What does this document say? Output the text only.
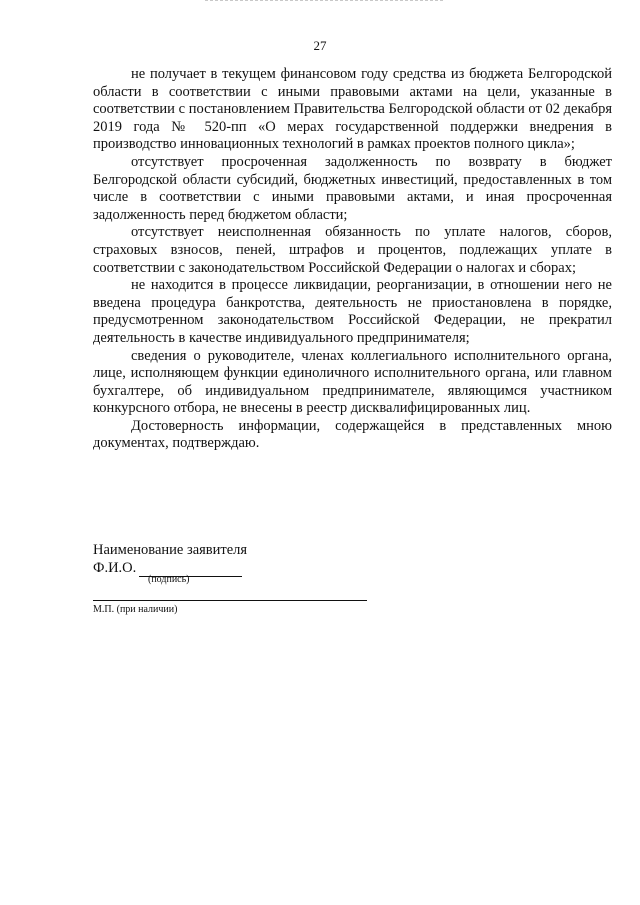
27

не получает в текущем финансовом году средства из бюджета Белгородской области в соответствии с иными правовыми актами на цели, указанные в соответствии с постановлением Правительства Белгородской области от 02 декабря 2019 года № 520-пп «О мерах государственной поддержки внедрения в производство инновационных технологий в рамках проектов полного цикла»;

отсутствует просроченная задолженность по возврату в бюджет Белгородской области субсидий, бюджетных инвестиций, предоставленных в том числе в соответствии с иными правовыми актами, и иная просроченная задолженность перед бюджетом области;

отсутствует неисполненная обязанность по уплате налогов, сборов, страховых взносов, пеней, штрафов и процентов, подлежащих уплате в соответствии с законодательством Российской Федерации о налогах и сборах;

не находится в процессе ликвидации, реорганизации, в отношении него не введена процедура банкротства, деятельность не приостановлена в порядке, предусмотренном законодательством Российской Федерации, не прекратил деятельность в качестве индивидуального предпринимателя;

сведения о руководителе, членах коллегиального исполнительного органа, лице, исполняющем функции единоличного исполнительного органа, или главном бухгалтере, об индивидуальном предпринимателе, являющимся участником конкурсного отбора, не внесены в реестр дисквалифицированных лиц.

Достоверность информации, содержащейся в представленных мною документах, подтверждаю.

Наименование заявителя

Ф.И.О.

(подпись)
М.П. (при наличии)
